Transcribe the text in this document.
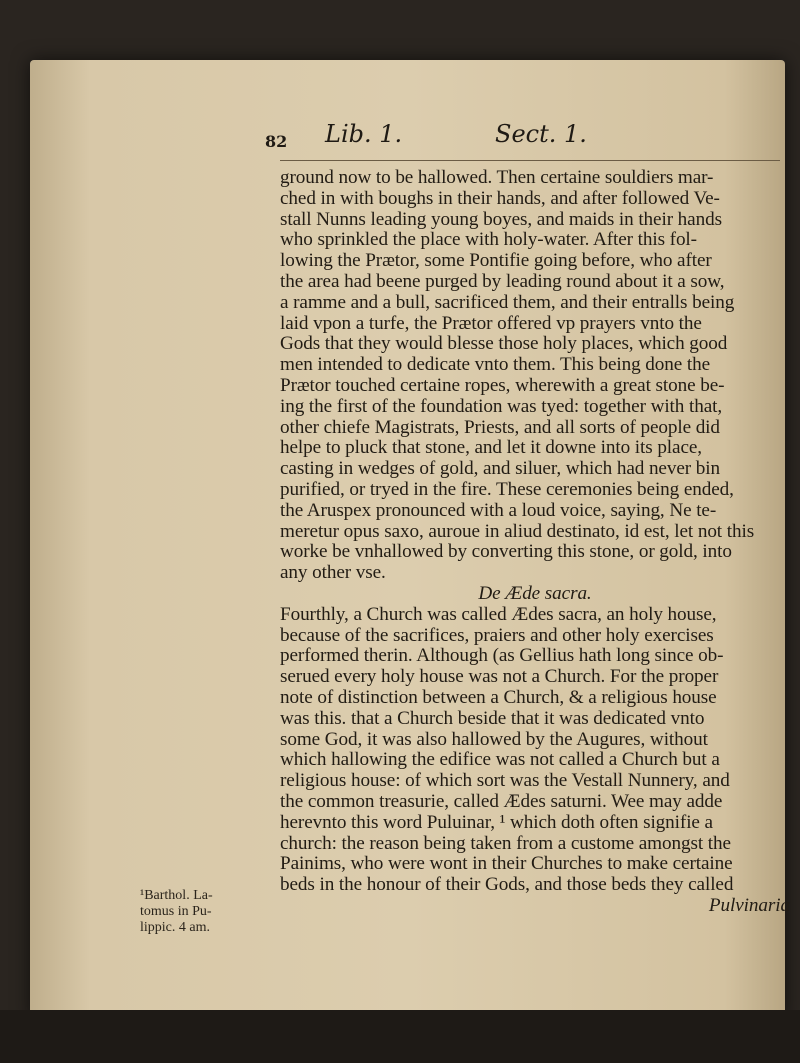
82 Lib. 1.	Sect. 1.
ground now to be hallowed. Then certaine souldiers mar-
ched in with boughs in their hands, and after followed Ve-
stall Nunns leading young boyes, and maids in their hands
who sprinkled the place with holy-water. After this fol-
lowing the Prætor, some Pontifie going before, who after
the area had beene purged by leading round about it a sow,
a ramme and a bull, sacrificed them, and their entralls being
laid vpon a turfe, the Prætor offered vp prayers vnto the
Gods that they would blesse those holy places, which good
men intended to dedicate vnto them. This being done the
Prætor touched certaine ropes, wherewith a great stone be-
ing the first of the foundation was tyed: together with that,
other chiefe Magistrats, Priests, and all sorts of people did
helpe to pluck that stone, and let it downe into its place,
casting in wedges of gold, and siluer, which had never bin
purified, or tryed in the fire. These ceremonies being ended,
the Aruspex pronounced with a loud voice, saying, Ne te-
meretur opus saxo, auroue in aliud destinato, id est, let not this
worke be vnhallowed by converting this stone, or gold, into
any other vse.
De Æde sacra.
Fourthly, a Church was called Ædes sacra, an holy house,
because of the sacrifices, praiers and other holy exercises
performed therin. Although (as Gellius hath long since ob-
serued every holy house was not a Church. For the proper
note of distinction between a Church, & a religious house
was this. that a Church beside that it was dedicated vnto
some God, it was also hallowed by the Augures, without
which hallowing the edifice was not called a Church but a
religious house: of which sort was the Vestall Nunnery, and
the common treasurie, called Ædes saturni. Wee may adde
herevnto this word Puluinar, ¹ which doth often signifie a
church: the reason being taken from a custome amongst the
Painims, who were wont in their Churches to make certaine
beds in the honour of their Gods, and those beds they called
Pulvinaria
¹Barthol. La-
tomus in Pu-
lippic. 4 am.
